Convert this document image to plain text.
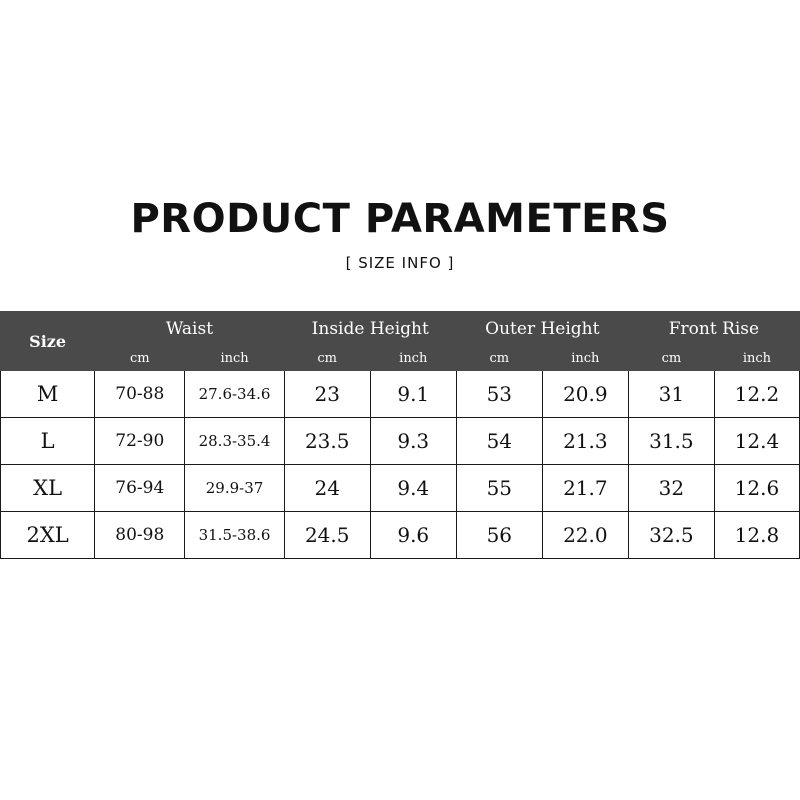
PRODUCT PARAMETERS
[ SIZE INFO ]
Size	Waist		Inside Height		Outer Height		Front Rise	
	cm	inch	cm	inch	cm	inch	cm	inch
M	70-88	27.6-34.6	23	9.1	53	20.9	31	12.2
L	72-90	28.3-35.4	23.5	9.3	54	21.3	31.5	12.4
XL	76-94	29.9-37	24	9.4	55	21.7	32	12.6
2XL	80-98	31.5-38.6	24.5	9.6	56	22.0	32.5	12.8
